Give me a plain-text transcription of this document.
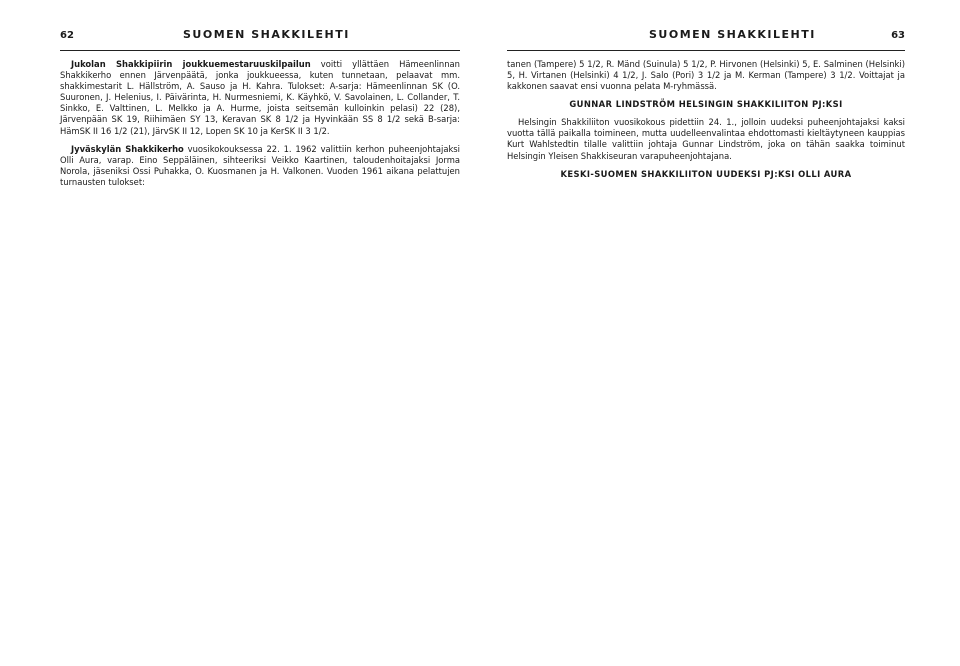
62	SUOMEN SHAKKILEHTI

Jukolan Shakkipiirin joukkuemestaruuskilpailun voitti yllättäen Hämeenlinnan Shakkikerho ennen Järvenpäätä, jonka joukkueessa, kuten tunnetaan, pelaavat mm. shakkimestarit L. Hällström, A. Sauso ja H. Kahra. Tulokset: A-sarja: Hämeenlinnan SK (O. Suuronen, J. Helenius, I. Päivärinta, H. Nurmesniemi, K. Käyhkö, V. Savolainen, L. Collander, T. Sinkko, E. Valttinen, L. Melkko ja A. Hurme, joista seitsemän kulloinkin pelasi) 22 (28), Järvenpään SK 19, Riihimäen SY 13, Keravan SK 8 1/2 ja Hyvinkään SS 8 1/2 sekä B-sarja: HämSK II 16 1/2 (21), JärvSK II 12, Lopen SK 10 ja KerSK II 3 1/2.

Jyväskylän Shakkikerho vuosikokouksessa 22. 1. 1962 valittiin kerhon puheenjohtajaksi Olli Aura, varap. Eino Seppäläinen, sihteeriksi Veikko Kaartinen, taloudenhoitajaksi Jorma Norola, jäseniksi Ossi Puhakka, O. Kuosmanen ja H. Valkonen. Vuoden 1961 aikana pelattujen turnausten tulokset:

SUOMEN SHAKKILEHTI	63

tanen (Tampere) 5 1/2, R. Mänd (Suinula) 5 1/2, P. Hirvonen (Helsinki) 5, E. Salminen (Helsinki) 5, H. Virtanen (Helsinki) 4 1/2, J. Salo (Pori) 3 1/2 ja M. Kerman (Tampere) 3 1/2. Voittajat ja kakkonen saavat ensi vuonna pelata M-ryhmässä.

GUNNAR LINDSTRÖM HELSINGIN SHAKKILIITON PJ:KSI

Helsingin Shakkiliiton vuosikokous pidettiin 24. 1., jolloin uudeksi puheenjohtajaksi kaksi vuotta tällä paikalla toimineen, mutta uudelleenvalintaa ehdottomasti kieltäytyneen kauppias Kurt Wahlstedtin tilalle valittiin johtaja Gunnar Lindström, joka on tähän saakka toiminut Helsingin Yleisen Shakkiseuran varapuheenjohtajana.

KESKI-SUOMEN SHAKKILIITON UUDEKSI PJ:KSI OLLI AURA
